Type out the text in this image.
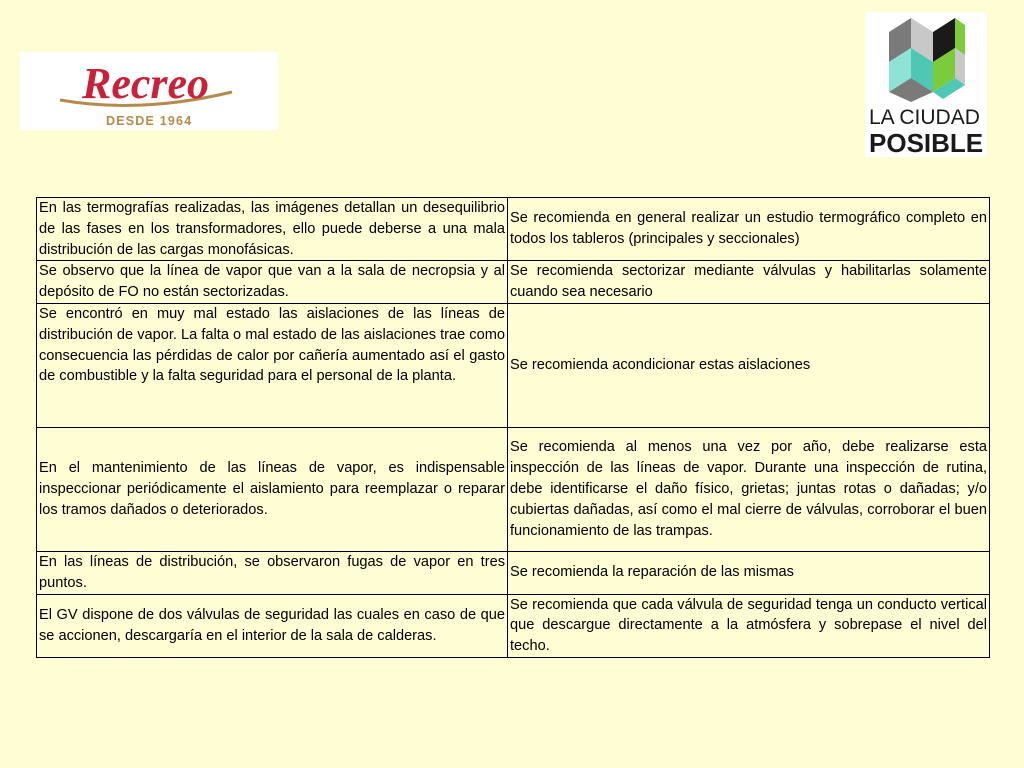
Recreo
DESDE 1964	LA CIUDAD
POSIBLE
En las termografías realizadas, las imágenes detallan un desequilibrio de las fases en los transformadores, ello puede deberse a una mala distribución de las cargas monofásicas.	Se recomienda en general realizar un estudio termográfico completo en todos los tableros (principales y seccionales)
Se observo que la línea de vapor que van a la sala de necropsia y al depósito de FO no están sectorizadas.	Se recomienda sectorizar mediante válvulas y habilitarlas solamente cuando sea necesario
Se encontró en muy mal estado las aislaciones de las líneas de distribución de vapor. La falta o mal estado de las aislaciones trae como consecuencia las pérdidas de calor por cañería aumentado así el gasto de combustible y la falta seguridad para el personal de la planta.	Se recomienda acondicionar estas aislaciones
En el mantenimiento de las líneas de vapor, es indispensable inspeccionar periódicamente el aislamiento para reemplazar o reparar los tramos dañados o deteriorados.	Se recomienda al menos una vez por año, debe realizarse esta inspección de las líneas de vapor. Durante una inspección de rutina, debe identificarse el daño físico, grietas; juntas rotas o dañadas; y/o cubiertas dañadas, así como el mal cierre de válvulas, corroborar el buen funcionamiento de las trampas.
En las líneas de distribución, se observaron fugas de vapor en tres puntos.	Se recomienda la reparación de las mismas
El GV dispone de dos válvulas de seguridad las cuales en caso de que se accionen, descargaría en el interior de la sala de calderas.	Se recomienda que cada válvula de seguridad tenga un conducto vertical que descargue directamente a la atmósfera y sobrepase el nivel del techo.
